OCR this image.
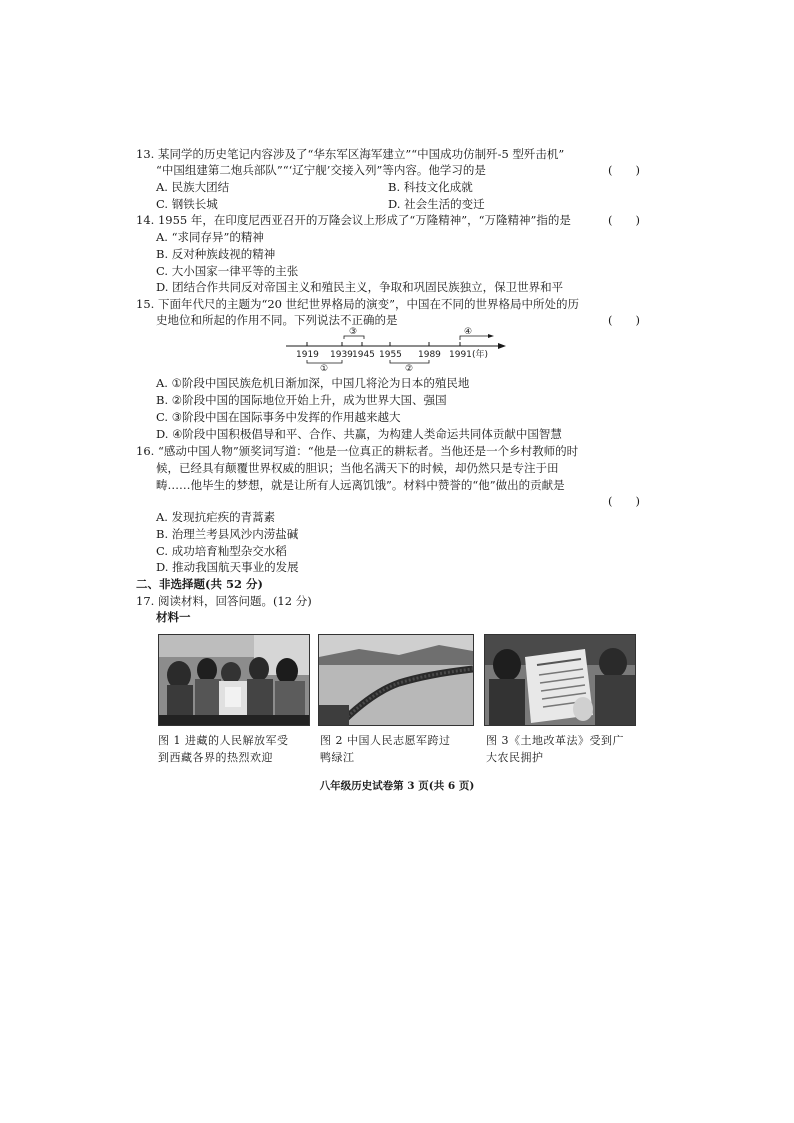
13. 某同学的历史笔记内容涉及了“华东军区海军建立”“中国成功仿制歼-5 型歼击机”
“中国组建第二炮兵部队”“‘辽宁舰’交接入列”等内容。他学习的是	(　　)
A. 民族大团结	B. 科技文化成就
C. 钢铁长城	D. 社会生活的变迁
14. 1955 年，在印度尼西亚召开的万隆会议上形成了“万隆精神”，“万隆精神”指的是	(　　)
A. “求同存异”的精神
B. 反对种族歧视的精神
C. 大小国家一律平等的主张
D. 团结合作共同反对帝国主义和殖民主义，争取和巩固民族独立，保卫世界和平
15. 下面年代尺的主题为“20 世纪世界格局的演变”，中国在不同的世界格局中所处的历
史地位和所起的作用不同。下列说法不正确的是	(　　)
1919 1939 1945 1955 1989 1991 (年)
①	②
③	④
A. ①阶段中国民族危机日渐加深，中国几将沦为日本的殖民地
B. ②阶段中国的国际地位开始上升，成为世界大国、强国
C. ③阶段中国在国际事务中发挥的作用越来越大
D. ④阶段中国积极倡导和平、合作、共赢，为构建人类命运共同体贡献中国智慧
16. “感动中国人物”颁奖词写道：“他是一位真正的耕耘者。当他还是一个乡村教师的时
候，已经具有颠覆世界权威的胆识；当他名满天下的时候，却仍然只是专注于田
畴……他毕生的梦想，就是让所有人远离饥饿”。材料中赞誉的“他”做出的贡献是
(　　)
A. 发现抗疟疾的青蒿素
B. 治理兰考县风沙内涝盐碱
C. 成功培育籼型杂交水稻
D. 推动我国航天事业的发展
二、非选择题(共 52 分)
17. 阅读材料，回答问题。(12 分)
材料一
图 1 进藏的人民解放军受
到西藏各界的热烈欢迎
图 2 中国人民志愿军跨过
鸭绿江
图 3《土地改革法》受到广
大农民拥护
八年级历史试卷第 3 页(共 6 页)
